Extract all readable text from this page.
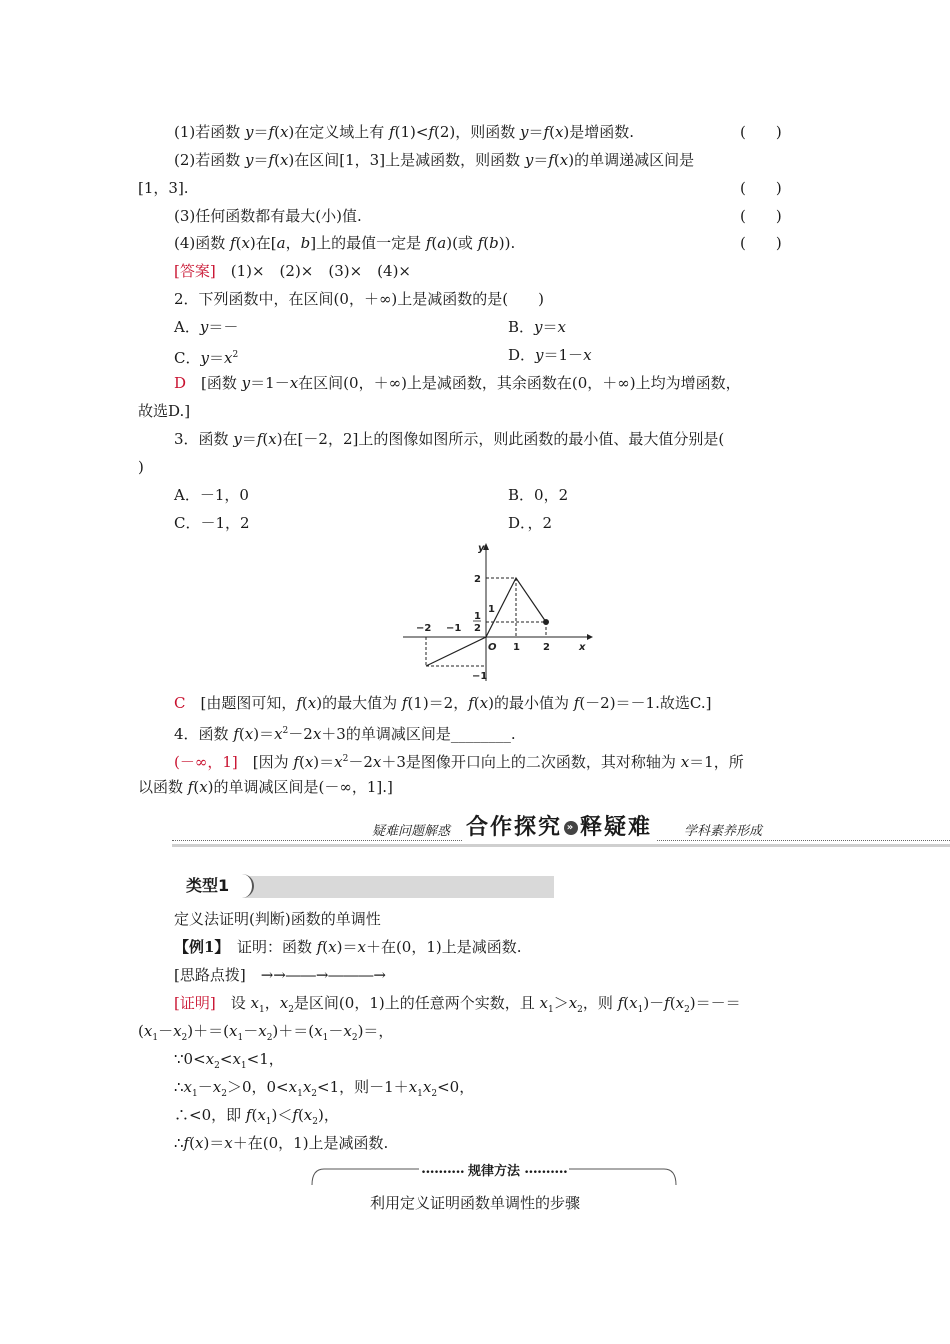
(1)若函数 y＝f(x)在定义域上有 f(1)<f(2)，则函数 y＝f(x)是增函数.	(　　)
(2)若函数 y＝f(x)在区间[1，3]上是减函数，则函数 y＝f(x)的单调递减区间是
[1，3].	(　　)
(3)任何函数都有最大(小)值.	(　　)
(4)函数 f(x)在[a，b]上的最值一定是 f(a)(或 f(b)).	(　　)
[答案]　 (1)×　(2)×　(3)×　(4)×
2．下列函数中，在区间(0，＋∞)上是减函数的是(　　)
A．y＝－	B．y＝x
C．$y=x^2$	D．y＝1－x
D　 [函数 y＝1－x在区间(0，＋∞)上是减函数，其余函数在(0，＋∞)上均为增函数，
故选D.]
3．函数 y＝f(x)在[－2，2]上的图像如图所示，则此函数的最小值、最大值分别是(
)
A．－1，0	B．0，2
C．－1，2	D．，2
y
x
O
−2 −1
1 2
2
1
1
2
−1
C　 [由题图可知，f(x)的最大值为 f(1)＝2，f(x)的最小值为 f(－2)＝－1.故选C.]
4．函数 $f(x)=x^2-2x+3$的单调减区间是________.
(－∞，1]　 [因为 $f(x)=x^2-2x+3$是图像开口向上的二次函数，其对称轴为 x＝1，所
以函数 f(x)的单调减区间是(－∞，1].]
疑难问题解惑 合作探究 » 释疑难	学科素养形成
类型1
定义法证明(判断)函数的单调性
【例1】　证明：函数 f(x)＝x＋在(0，1)上是减函数.
[思路点拨]　→→――→―――→
[证明]　设 $x_1$，$x_2$是区间(0，1)上的任意两个实数，且 $x_1>x_2$，则 $f(x_1)-f(x_2)=-=$
$(x_1-x_2)+=(x_1-x_2)+=(x_1-x_2)=$，
$\because 0<x_2<x_1<1$，
$\therefore x_1-x_2>0$，$0<x_1x_2<1$，则$-1+x_1x_2<0$，
∴<0，即 $f(x_1)<f(x_2)$，
∴f(x)＝x＋在(0，1)上是减函数.
•••••••••• 规律方法 ••••••••••
利用定义证明函数单调性的步骤
